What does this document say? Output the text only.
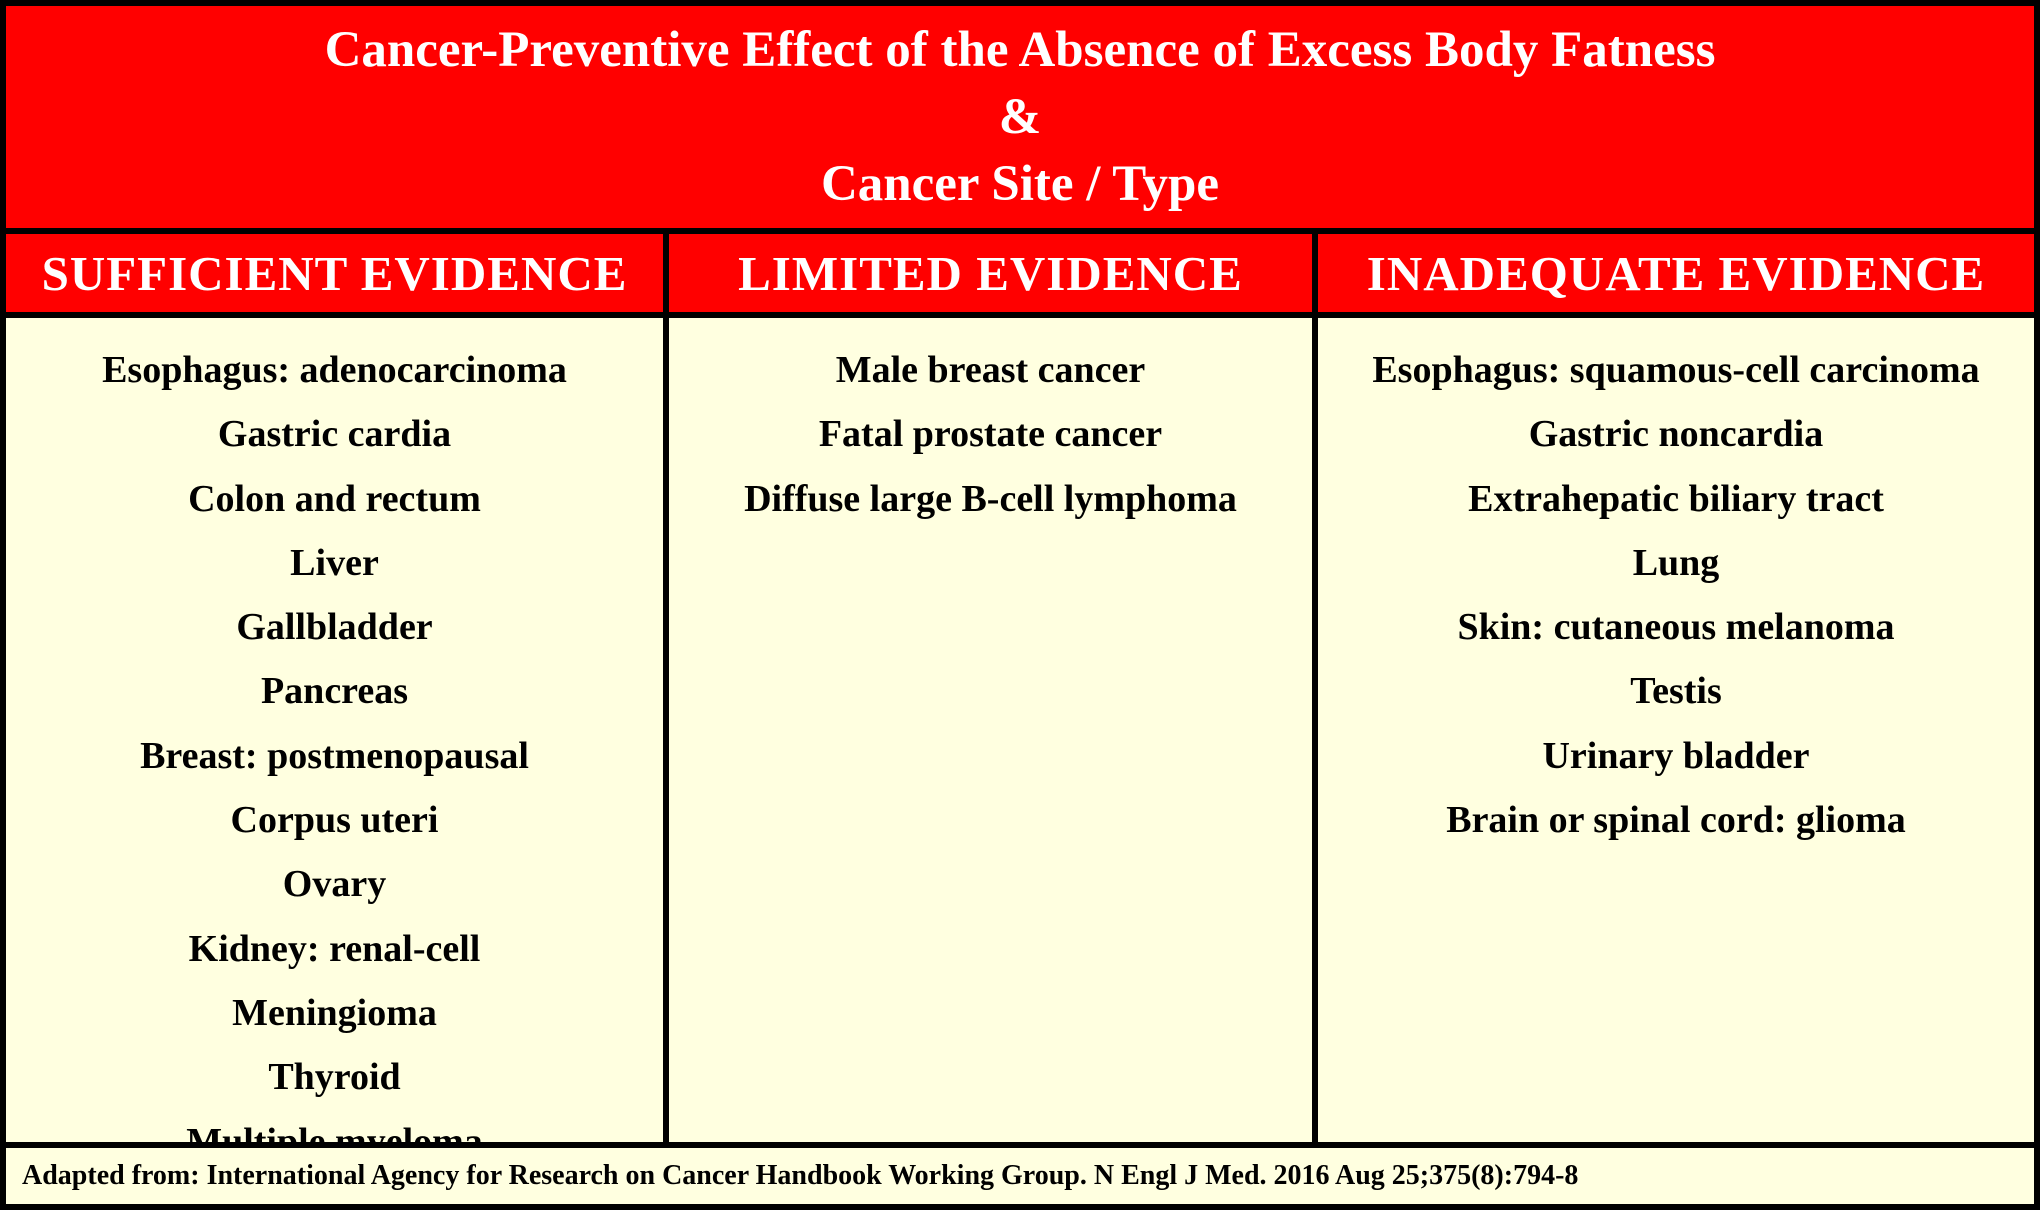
Cancer-Preventive Effect of the Absence of Excess Body Fatness
&
Cancer Site / Type
SUFFICIENT EVIDENCE
Esophagus: adenocarcinoma
Gastric cardia
Colon and rectum
Liver
Gallbladder
Pancreas
Breast: postmenopausal
Corpus uteri
Ovary
Kidney: renal-cell
Meningioma
Thyroid
LIMITED EVIDENCE
Male breast cancer
Fatal prostate cancer
Diffuse large B-cell lymphoma
INADEQUATE EVIDENCE
Esophagus: squamous-cell carcinoma
Gastric noncardia
Extrahepatic biliary tract
Lung
Skin: cutaneous melanoma
Testis
Urinary bladder
Brain or spinal cord: glioma
Adapted from: International Agency for Research on Cancer Handbook Working Group. N Engl J Med. 2016 Aug 25;375(8):794-8
